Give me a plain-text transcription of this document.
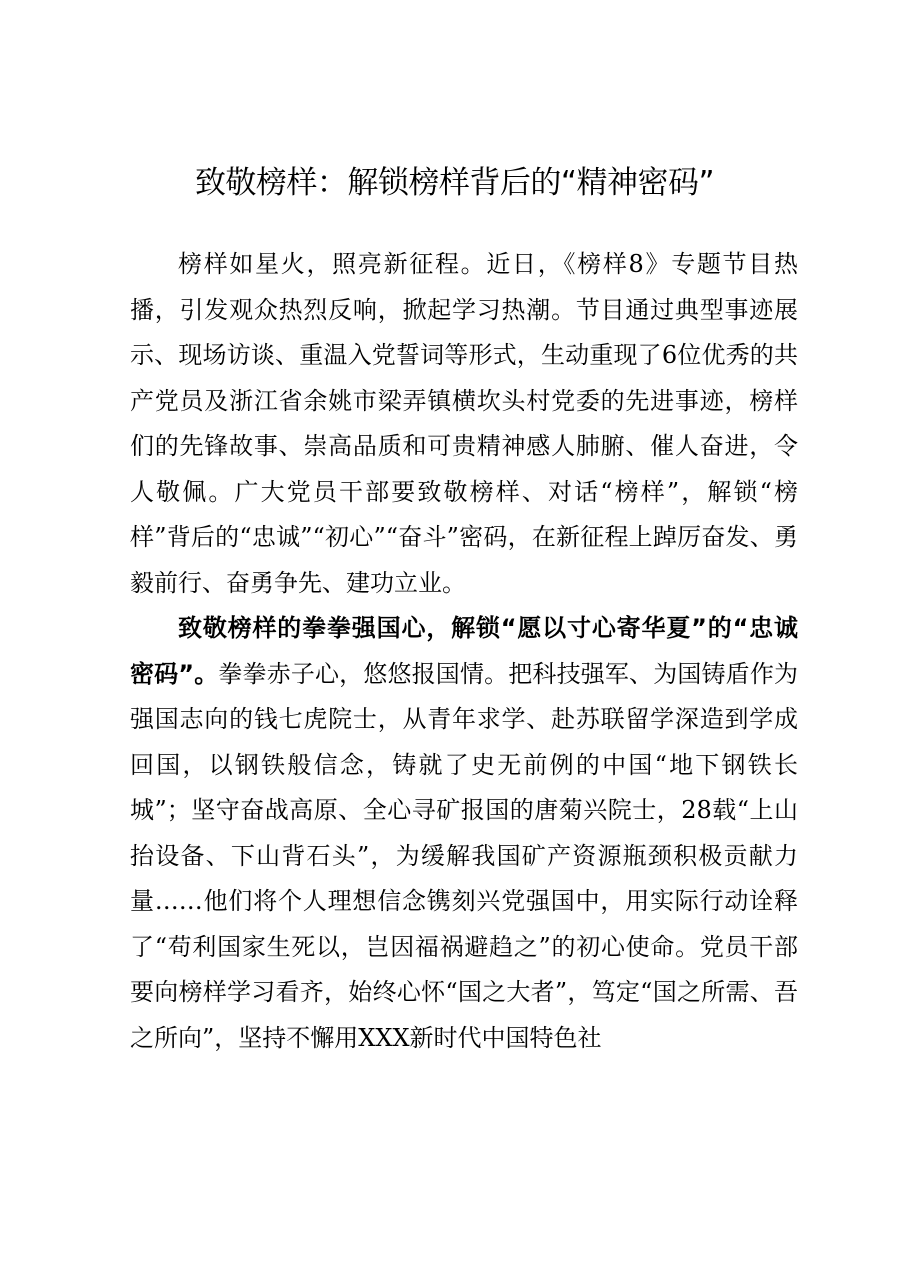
致敬榜样：解锁榜样背后的“精神密码”

榜样如星火，照亮新征程。近日，《榜样8》专题节目热播，引发观众热烈反响，掀起学习热潮。节目通过典型事迹展示、现场访谈、重温入党誓词等形式，生动重现了6位优秀的共产党员及浙江省余姚市梁弄镇横坎头村党委的先进事迹，榜样们的先锋故事、崇高品质和可贵精神感人肺腑、催人奋进，令人敬佩。广大党员干部要致敬榜样、对话“榜样”，解锁“榜样”背后的“忠诚”“初心”“奋斗”密码，在新征程上踔厉奋发、勇毅前行、奋勇争先、建功立业。

致敬榜样的拳拳强国心，解锁“愿以寸心寄华夏”的“忠诚密码”。拳拳赤子心，悠悠报国情。把科技强军、为国铸盾作为强国志向的钱七虎院士，从青年求学、赴苏联留学深造到学成回国，以钢铁般信念，铸就了史无前例的中国“地下钢铁长城”；坚守奋战高原、全心寻矿报国的唐菊兴院士，28载“上山抬设备、下山背石头”，为缓解我国矿产资源瓶颈积极贡献力量……他们将个人理想信念镌刻兴党强国中，用实际行动诠释了“苟利国家生死以，岂因福祸避趋之”的初心使命。党员干部要向榜样学习看齐，始终心怀“国之大者”，笃定“国之所需、吾之所向”，坚持不懈用XXX新时代中国特色社
